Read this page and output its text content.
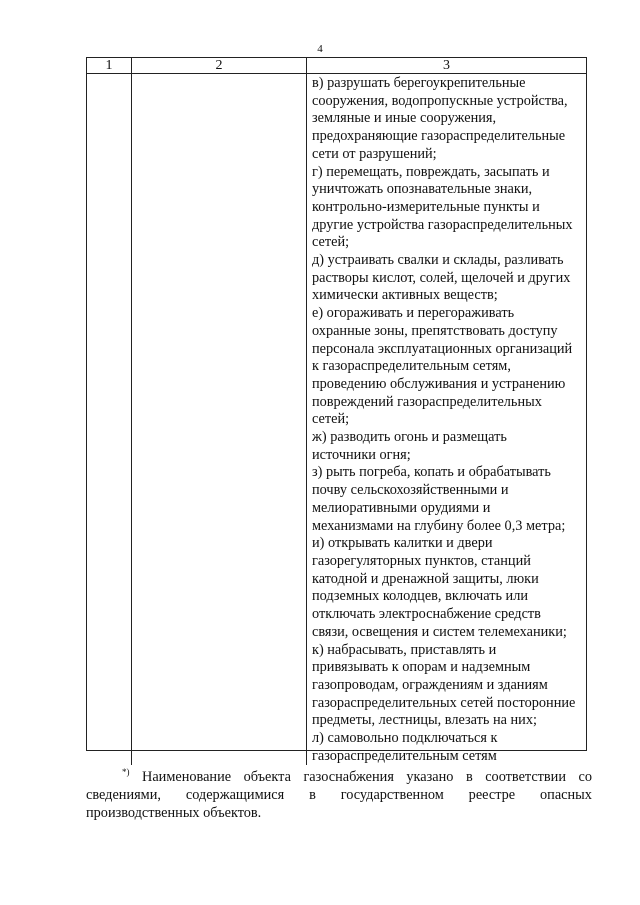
4
1	2	3
в) разрушать берегоукрепительные
сооружения, водопропускные устройства,
земляные и иные сооружения,
предохраняющие газораспределительные
сети от разрушений;
г) перемещать, повреждать, засыпать и
уничтожать опознавательные знаки,
контрольно-измерительные пункты и
другие устройства газораспределительных
сетей;
д) устраивать свалки и склады, разливать
растворы кислот, солей, щелочей и других
химически активных веществ;
е) огораживать и перегораживать
охранные зоны, препятствовать доступу
персонала эксплуатационных организаций
к газораспределительным сетям,
проведению обслуживания и устранению
повреждений газораспределительных
сетей;
ж) разводить огонь и размещать
источники огня;
з) рыть погреба, копать и обрабатывать
почву сельскохозяйственными и
мелиоративными орудиями и
механизмами на глубину более 0,3 метра;
и) открывать калитки и двери
газорегуляторных пунктов, станций
катодной и дренажной защиты, люки
подземных колодцев, включать или
отключать электроснабжение средств
связи, освещения и систем телемеханики;
к) набрасывать, приставлять и
привязывать к опорам и надземным
газопроводам, ограждениям и зданиям
газораспределительных сетей посторонние
предметы, лестницы, влезать на них;
л) самовольно подключаться к
газораспределительным сетям
*) Наименование объекта газоснабжения указано в соответствии со
сведениями, содержащимися в государственном реестре опасных
производственных объектов.
